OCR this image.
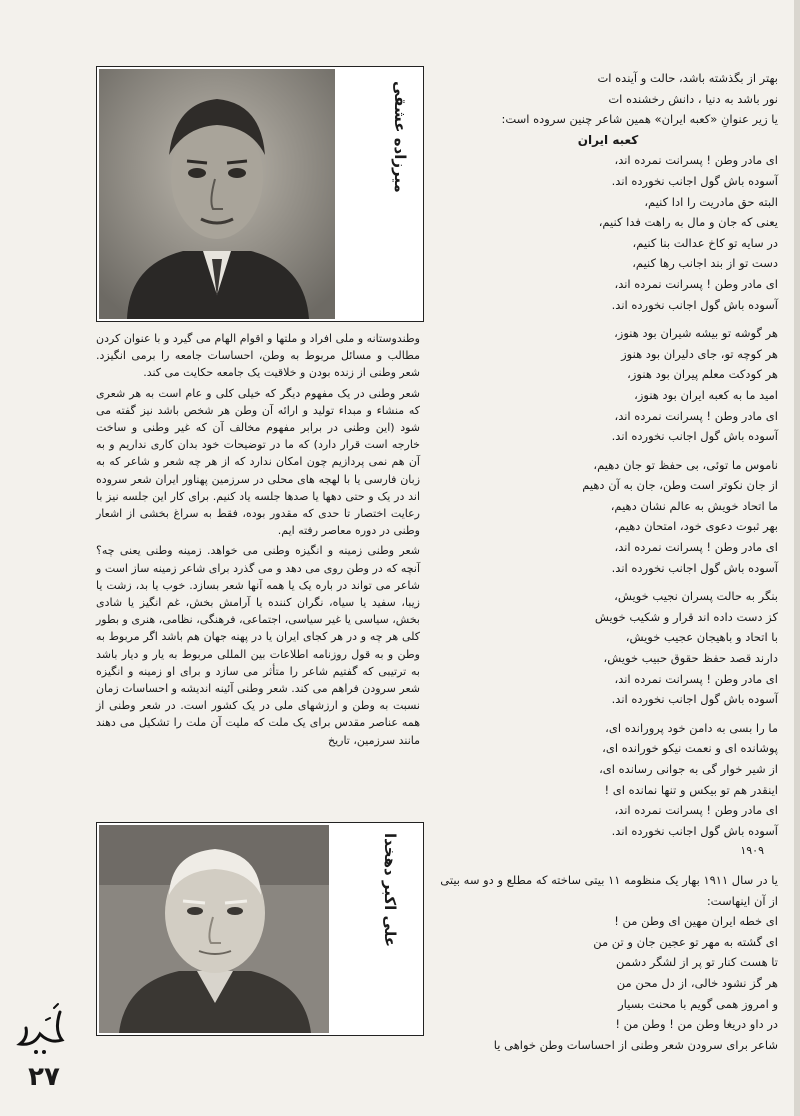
بهتر از بگذشته باشد، حالت و آینده ات

نور باشد به دنیا ، دانش رخشنده ات

یا زیر عنوانِ «کعبه ایران» همین شاعر چنین سروده است:

کعبه ایران

ای مادر وطن ! پسرانت نمرده اند،

آسوده باش گول اجانب نخورده اند.

البته حق مادریت را ادا کنیم،

یعنی که جان و مال به راهت فدا کنیم،

در سایه تو کاخ عدالت بنا کنیم،

دست تو از بند اجانب رها کنیم،

ای مادر وطن ! پسرانت نمرده اند،

آسوده باش گول اجانب نخورده اند.

هر گوشه تو بیشه شیران بود هنوز،

هر کوچه تو، جای دلیران بود هنوز

هر کودکت معلم پیران بود هنوز،

امید ما به کعبه ایران بود هنوز،

ای مادر وطن ! پسرانت نمرده اند،

آسوده باش گول اجانب نخورده اند.

ناموس ما توئی، بی حفظ تو جان دهیم،

از جان نکوتر است وطن، جان به آن دهیم

ما اتحاد خویش به عالم نشان دهیم،

بهر ثبوت دعوی خود، امتحان دهیم،

ای مادر وطن ! پسرانت نمرده اند،

آسوده باش گول اجانب نخورده اند.

بنگر به حالت پسران نجیب خویش،

کز دست داده اند قرار و شکیب خویش

با اتحاد و باهیجان عجیب خویش،

دارند قصد حفظ حقوق حبیب خویش،

ای مادر وطن ! پسرانت نمرده اند،

آسوده باش گول اجانب نخورده اند.

ما را بسی به دامن خود پرورانده ای،

پوشانده ای و نعمت نیکو خورانده ای،

از شیر خوار گی به جوانی رسانده ای،

اینقدر هم تو بیکس و تنها نمانده ای !

ای مادر وطن ! پسرانت نمرده اند،

آسوده باش گول اجانب نخورده اند.

۱۹۰۹

یا در سال ۱۹۱۱ بهار یک منظومه ۱۱ بیتی ساخته که مطلع و دو سه بیتی از آن اینهاست:

ای خطه ایران مهین ای وطن من !

ای گشته به مهر تو عجین جان و تن من

تا هست کنار تو پر از لشگر دشمن

هر گز نشود خالی، از دل محن من

و امروز همی گویم با محنت بسیار

در داو دریغا وطن من ! وطن من !

شاعر برای سرودن شعر وطنی از احساسات وطن خواهی یا

میرزاده عشقی

وطندوستانه و ملی افراد و ملتها و اقوام الهام می گیرد و با عنوان کردن مطالب و مسائل مربوط به وطن، احساسات جامعه را برمی انگیزد. شعر وطنی از زنده بودن و خلاقیت یک جامعه حکایت می کند.

شعر وطنی در یک مفهوم دیگر که خیلی کلی و عام است به هر شعری که منشاء و مبداء تولید و ارائه آن وطن هر شخص باشد نیز گفته می شود (این وطنی در برابر مفهوم مخالف آن که غیر وطنی و ساخت خارجه است قرار دارد) که ما در توضیحات خود بدان کاری نداریم و به آن هم نمی پردازیم چون امکان ندارد که از هر چه شعر و شاعر که به زبان فارسی یا با لهجه های محلی در سرزمین پهناور ایران شعر سروده اند در یک و حتی دهها یا صدها جلسه یاد کنیم. برای کار این جلسه نیز با رعایت اختصار تا حدی که مقدور بوده، فقط به سراغ بخشی از اشعار وطنی در دوره معاصر رفته ایم.

شعر وطنی زمینه و انگیزه وطنی می خواهد. زمینه وطنی یعنی چه؟ آنچه که در وطن روی می دهد و می گذرد برای شاعر زمینه ساز است و شاعر می تواند در باره یک یا همه آنها شعر بسازد. خوب یا بد، زشت یا زیبا، سفید یا سیاه، نگران کننده یا آرامش بخش، غم انگیز یا شادی بخش، سیاسی یا غیر سیاسی، اجتماعی، فرهنگی، نظامی، هنری و بطور کلی هر چه و در هر کجای ایران یا در پهنه جهان هم باشد اگر مربوط به وطن و به قول روزنامه اطلاعات بین المللی مربوط به یار و دیار باشد به ترتیبی که گفتیم شاعر را متأثر می سازد و برای او زمینه و انگیزه شعر سرودن فراهم می کند. شعر وطنی آئینه اندیشه و احساسات زمان نسبت به وطن و ارزشهای ملی در یک کشور است. در شعر وطنی از همه عناصر مقدس برای یک ملت که ملیت آن ملت را تشکیل می دهند مانند سرزمین، تاریخ

علی اکبر دهخدا
۲۷
